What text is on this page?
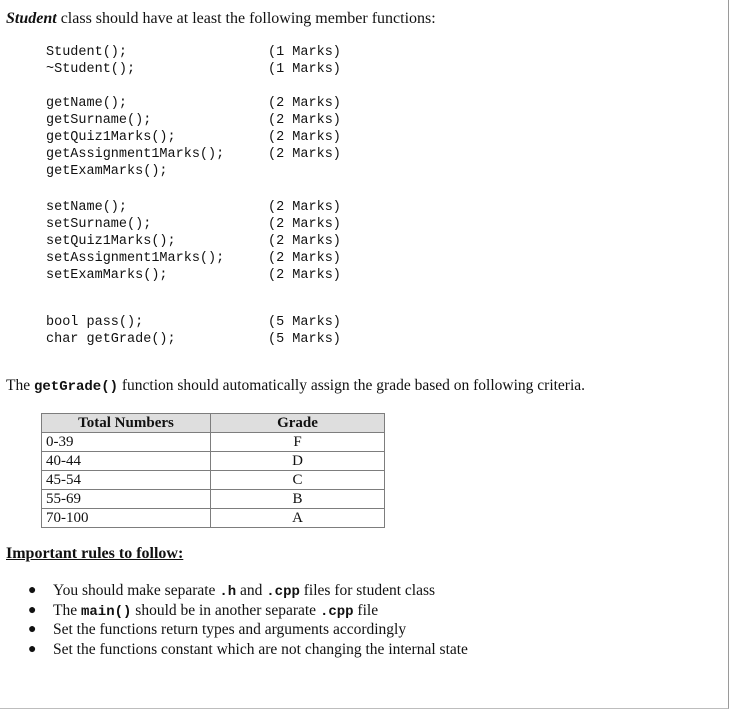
Student class should have at least the following member functions:
Student();	(1 Marks)
~Student();	(1 Marks)
getName();	(2 Marks)
getSurname();	(2 Marks)
getQuiz1Marks();	(2 Marks)
getAssignment1Marks();	(2 Marks)
getExamMarks();
setName();	(2 Marks)
setSurname();	(2 Marks)
setQuiz1Marks();	(2 Marks)
setAssignment1Marks();	(2 Marks)
setExamMarks();	(2 Marks)
bool pass();	(5 Marks)
char getGrade();	(5 Marks)
The getGrade() function should automatically assign the grade based on following criteria.
Total Numbers	Grade
0-39	F
40-44	D
45-54	C
55-69	B
70-100	A
Important rules to follow:
●	You should make separate .h and .cpp files for student class
●	The main() should be in another separate .cpp file
●	Set the functions return types and arguments accordingly
●	Set the functions constant which are not changing the internal state
